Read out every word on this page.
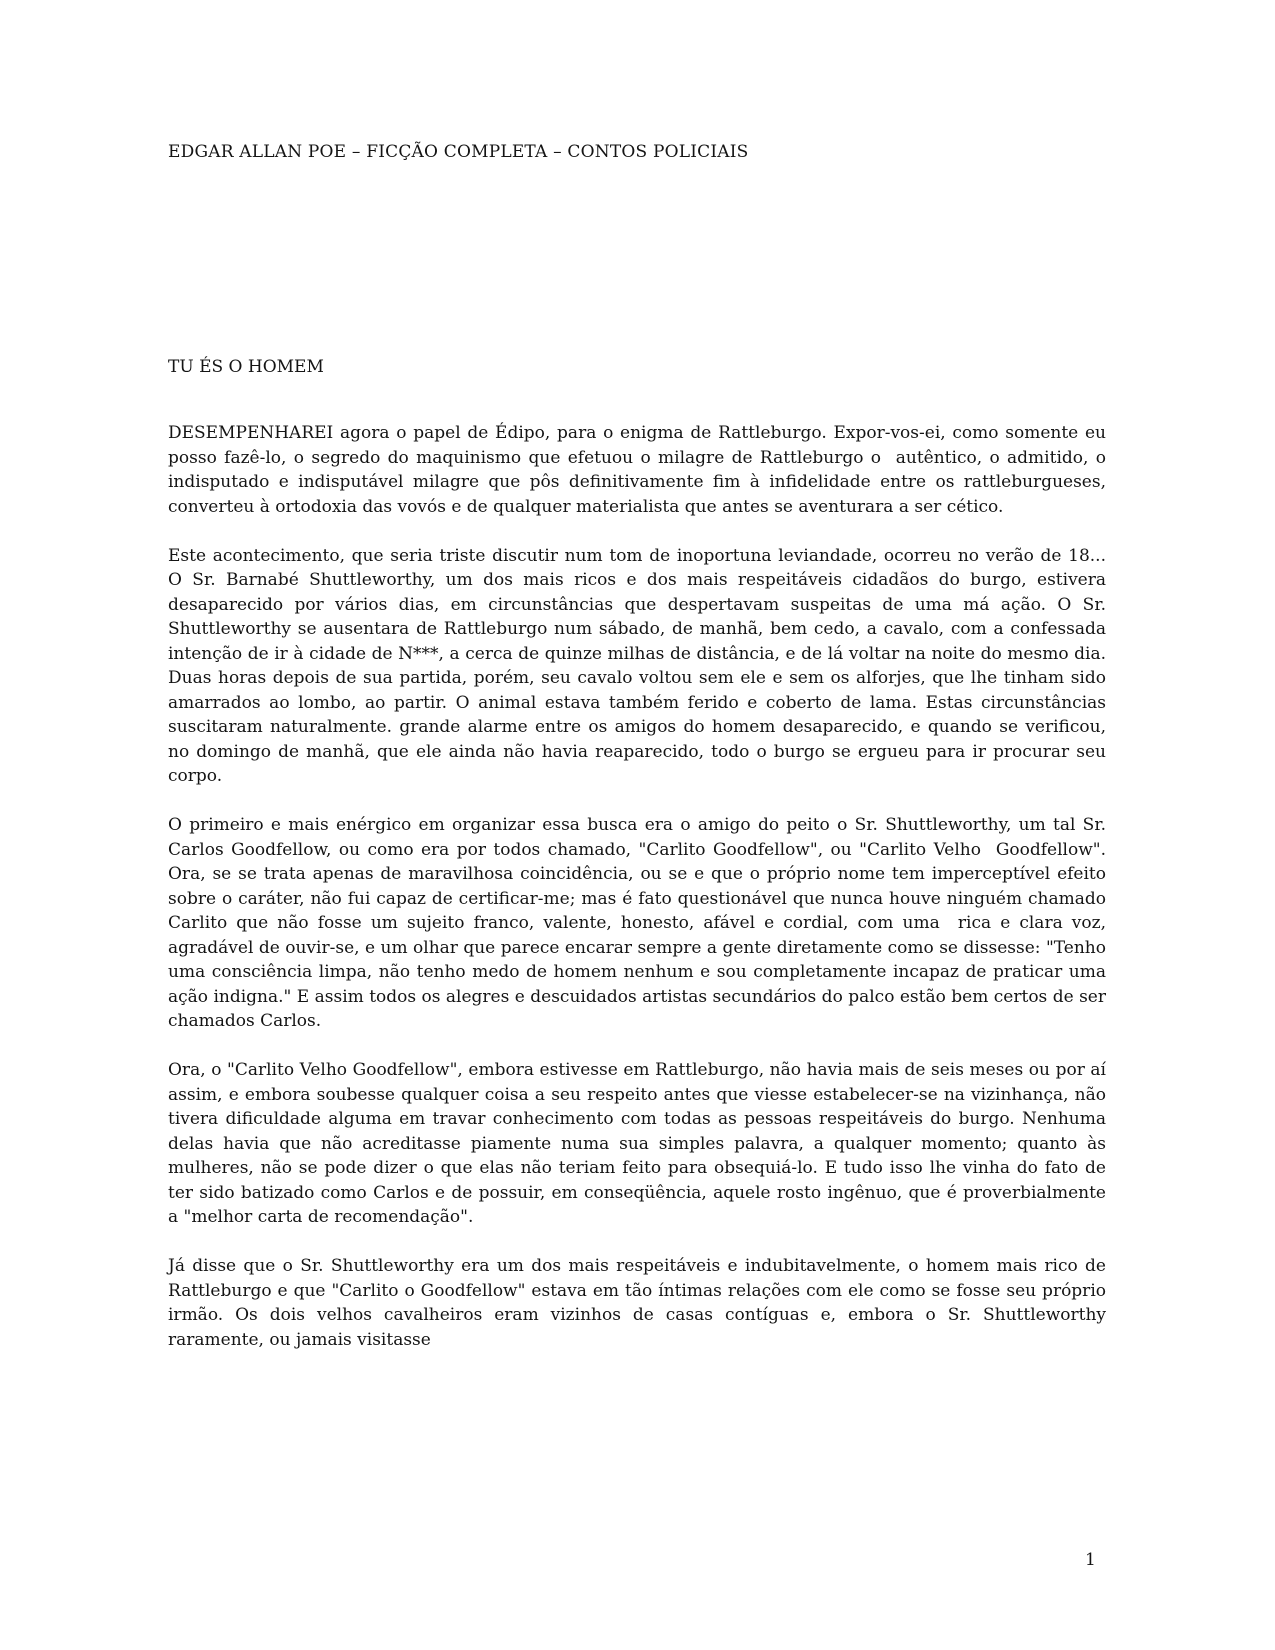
EDGAR ALLAN POE – FICÇÃO COMPLETA – CONTOS POLICIAIS
TU ÉS O HOMEM

DESEMPENHAREI agora o papel de Édipo, para o enigma de Rattleburgo. Expor-vos-ei, como somente eu posso fazê-lo, o segredo do maquinismo que efetuou o milagre de Rattleburgo o  autêntico, o admitido, o indisputado e indisputável milagre que pôs definitivamente fim à infidelidade entre os rattleburgueses, converteu à ortodoxia das vovós e de qualquer materialista que antes se aventurara a ser cético.

Este acontecimento, que seria triste discutir num tom de inoportuna leviandade, ocorreu no verão de 18... O Sr. Barnabé Shuttleworthy, um dos mais ricos e dos mais respeitáveis cidadãos do burgo, estivera desaparecido por vários dias, em circunstâncias que despertavam suspeitas de uma má ação. O Sr. Shuttleworthy se ausentara de Rattleburgo num sábado, de manhã, bem cedo, a cavalo, com a confessada intenção de ir à cidade de N***, a cerca de quinze milhas de distância, e de lá voltar na noite do mesmo dia. Duas horas depois de sua partida, porém, seu cavalo voltou sem ele e sem os alforjes, que lhe tinham sido amarrados ao lombo, ao partir. O animal estava também ferido e coberto de lama. Estas circunstâncias suscitaram naturalmente. grande alarme entre os amigos do homem desaparecido, e quando se verificou, no domingo de manhã, que ele ainda não havia reaparecido, todo o burgo se ergueu para ir procurar seu corpo.

O primeiro e mais enérgico em organizar essa busca era o amigo do peito o Sr. Shuttleworthy, um tal Sr. Carlos Goodfellow, ou como era por todos chamado, "Carlito Goodfellow", ou "Carlito Velho  Goodfellow". Ora, se se trata apenas de maravilhosa coincidência, ou se e que o próprio nome tem imperceptível efeito sobre o caráter, não fui capaz de certificar-me; mas é fato questionável que nunca houve ninguém chamado Carlito que não fosse um sujeito franco, valente, honesto, afável e cordial, com uma  rica e clara voz, agradável de ouvir-se, e um olhar que parece encarar sempre a gente diretamente como se dissesse: "Tenho uma consciência limpa, não tenho medo de homem nenhum e sou completamente incapaz de praticar uma ação indigna." E assim todos os alegres e descuidados artistas secundários do palco estão bem certos de ser chamados Carlos.

Ora, o "Carlito Velho Goodfellow", embora estivesse em Rattleburgo, não havia mais de seis meses ou por aí assim, e embora soubesse qualquer coisa a seu respeito antes que viesse estabelecer-se na vizinhança, não tivera dificuldade alguma em travar conhecimento com todas as pessoas respeitáveis do burgo. Nenhuma delas havia que não acreditasse piamente numa sua simples palavra, a qualquer momento; quanto às mulheres, não se pode dizer o que elas não teriam feito para obsequiá-lo. E tudo isso lhe vinha do fato de ter sido batizado como Carlos e de possuir, em conseqüência, aquele rosto ingênuo, que é proverbialmente a "melhor carta de recomendação".

Já disse que o Sr. Shuttleworthy era um dos mais respeitáveis e indubitavelmente, o homem mais rico de Rattleburgo e que "Carlito o Goodfellow" estava em tão íntimas relações com ele como se fosse seu próprio irmão. Os dois velhos cavalheiros eram vizinhos de casas contíguas e, embora o Sr. Shuttleworthy raramente, ou jamais visitasse

1
